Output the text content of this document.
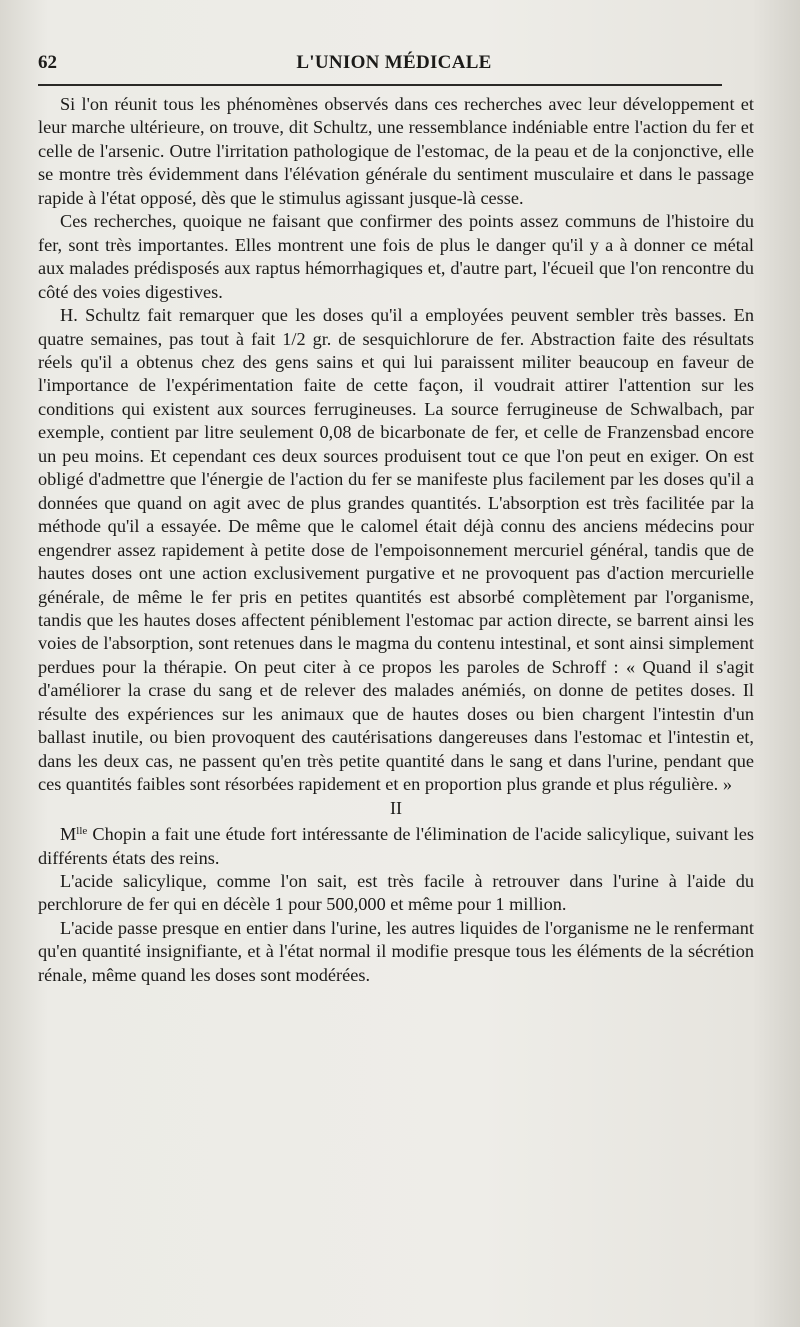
62	L'UNION MÉDICALE

Si l'on réunit tous les phénomènes observés dans ces recherches avec leur développement et leur marche ultérieure, on trouve, dit Schultz, une ressemblance indéniable entre l'action du fer et celle de l'arsenic. Outre l'irritation pathologique de l'estomac, de la peau et de la conjonctive, elle se montre très évidemment dans l'élévation générale du sentiment musculaire et dans le passage rapide à l'état opposé, dès que le stimulus agissant jusque-là cesse.

Ces recherches, quoique ne faisant que confirmer des points assez communs de l'histoire du fer, sont très importantes. Elles montrent une fois de plus le danger qu'il y a à donner ce métal aux malades prédisposés aux raptus hémorrhagiques et, d'autre part, l'écueil que l'on rencontre du côté des voies digestives.

H. Schultz fait remarquer que les doses qu'il a employées peuvent sembler très basses. En quatre semaines, pas tout à fait 1/2 gr. de sesquichlorure de fer. Abstraction faite des résultats réels qu'il a obtenus chez des gens sains et qui lui paraissent militer beaucoup en faveur de l'importance de l'expérimentation faite de cette façon, il voudrait attirer l'attention sur les conditions qui existent aux sources ferrugineuses. La source ferrugineuse de Schwalbach, par exemple, contient par litre seulement 0,08 de bicarbonate de fer, et celle de Franzensbad encore un peu moins. Et cependant ces deux sources produisent tout ce que l'on peut en exiger. On est obligé d'admettre que l'énergie de l'action du fer se manifeste plus facilement par les doses qu'il a données que quand on agit avec de plus grandes quantités. L'absorption est très facilitée par la méthode qu'il a essayée. De même que le calomel était déjà connu des anciens médecins pour engendrer assez rapidement à petite dose de l'empoisonnement mercuriel général, tandis que de hautes doses ont une action exclusivement purgative et ne provoquent pas d'action mercurielle générale, de même le fer pris en petites quantités est absorbé complètement par l'organisme, tandis que les hautes doses affectent péniblement l'estomac par action directe, se barrent ainsi les voies de l'absorption, sont retenues dans le magma du contenu intestinal, et sont ainsi simplement perdues pour la thérapie. On peut citer à ce propos les paroles de Schroff : « Quand il s'agit d'améliorer la crase du sang et de relever des malades anémiés, on donne de petites doses. Il résulte des expériences sur les animaux que de hautes doses ou bien chargent l'intestin d'un ballast inutile, ou bien provoquent des cautérisations dangereuses dans l'estomac et l'intestin et, dans les deux cas, ne passent qu'en très petite quantité dans le sang et dans l'urine, pendant que ces quantités faibles sont résorbées rapidement et en proportion plus grande et plus régulière. »

II

$M^{lle}$ Chopin a fait une étude fort intéressante de l'élimination de l'acide salicylique, suivant les différents états des reins.

L'acide salicylique, comme l'on sait, est très facile à retrouver dans l'urine à l'aide du perchlorure de fer qui en décèle 1 pour 500,000 et même pour 1 million.

L'acide passe presque en entier dans l'urine, les autres liquides de l'organisme ne le renfermant qu'en quantité insignifiante, et à l'état normal il modifie presque tous les éléments de la sécrétion rénale, même quand les doses sont modérées.
